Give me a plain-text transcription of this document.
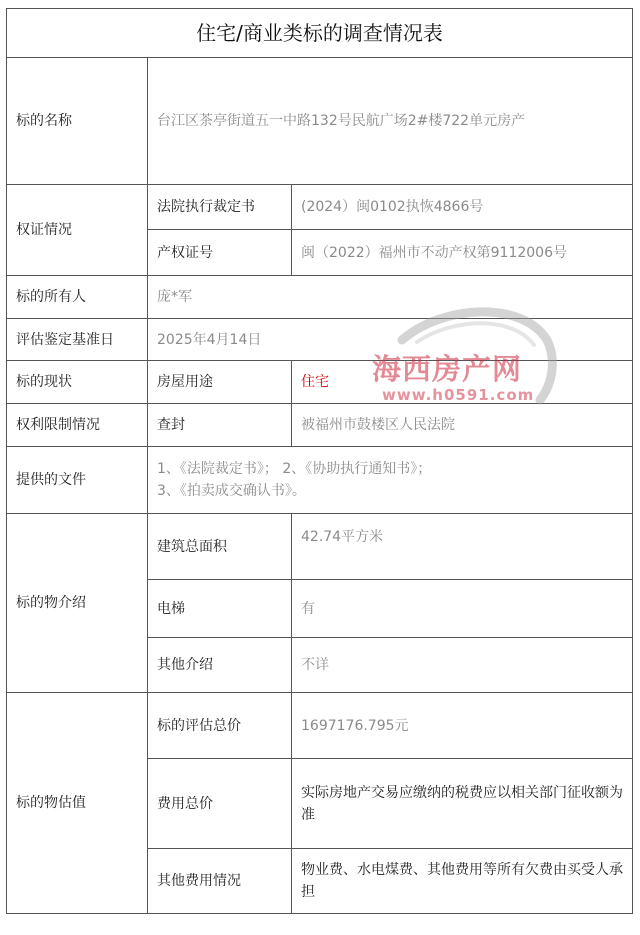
住宅/商业类标的调查情况表		
标的名称	台江区茶亭街道五一中路132号民航广场2#楼722单元房产	
权证情况	法院执行裁定书	(2024）闽0102执恢4866号
	产权证号	闽（2022）福州市不动产权第9112006号
标的所有人	庞*军	
评估鉴定基准日	2025年4月14日	
标的现状	房屋用途	住宅
权利限制情况	查封	被福州市鼓楼区人民法院
提供的文件	1、《法院裁定书》； 2、《协助执行通知书》；
3、《拍卖成交确认书》。	

标的物介绍	建筑总面积	42.74平方米
	电梯	有
	其他介绍	不详
标的物估值	标的评估总价	1697176.795元
	费用总价	实际房地产交易应缴纳的税费应以相关部门征收额为准
	其他费用情况	物业费、水电煤费、其他费用等所有欠费由买受人承担
海西房产网
www.h0591.com
